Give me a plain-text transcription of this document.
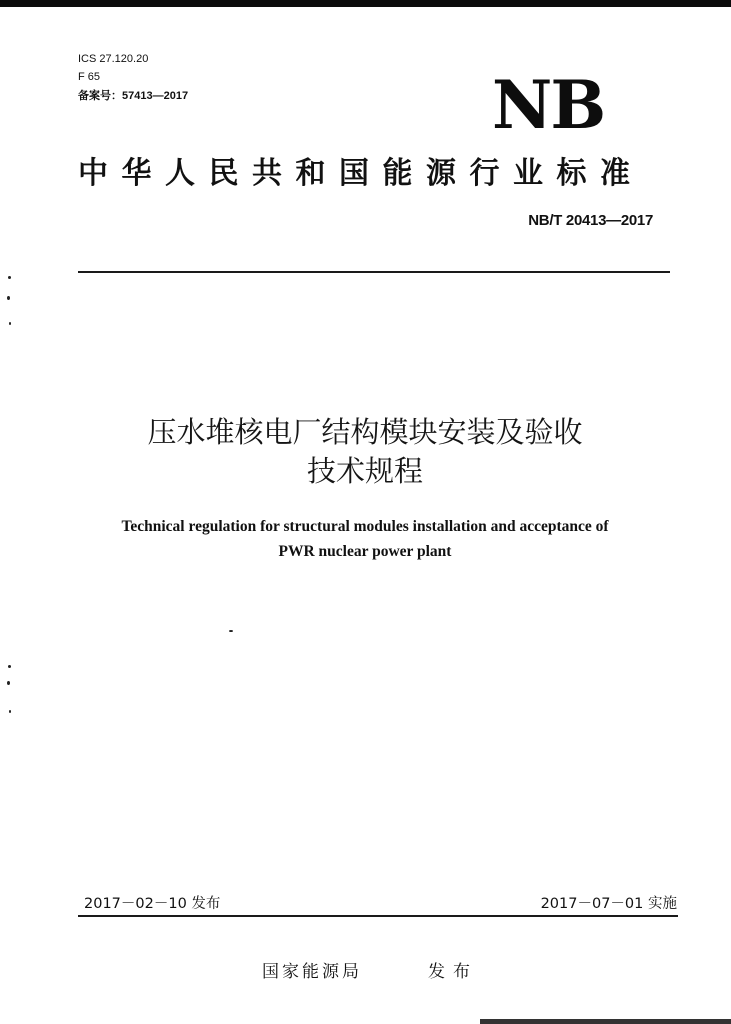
ICS 27.120.20
F 65
备案号：57413—2017	NB
中华人民共和国能源行业标准
NB/T 20413—2017
压水堆核电厂结构模块安装及验收
技术规程
Technical regulation for structural modules installation and acceptance of
PWR nuclear power plant
2017－02－10 发布	2017－07－01 实施
国家能源局	发布
